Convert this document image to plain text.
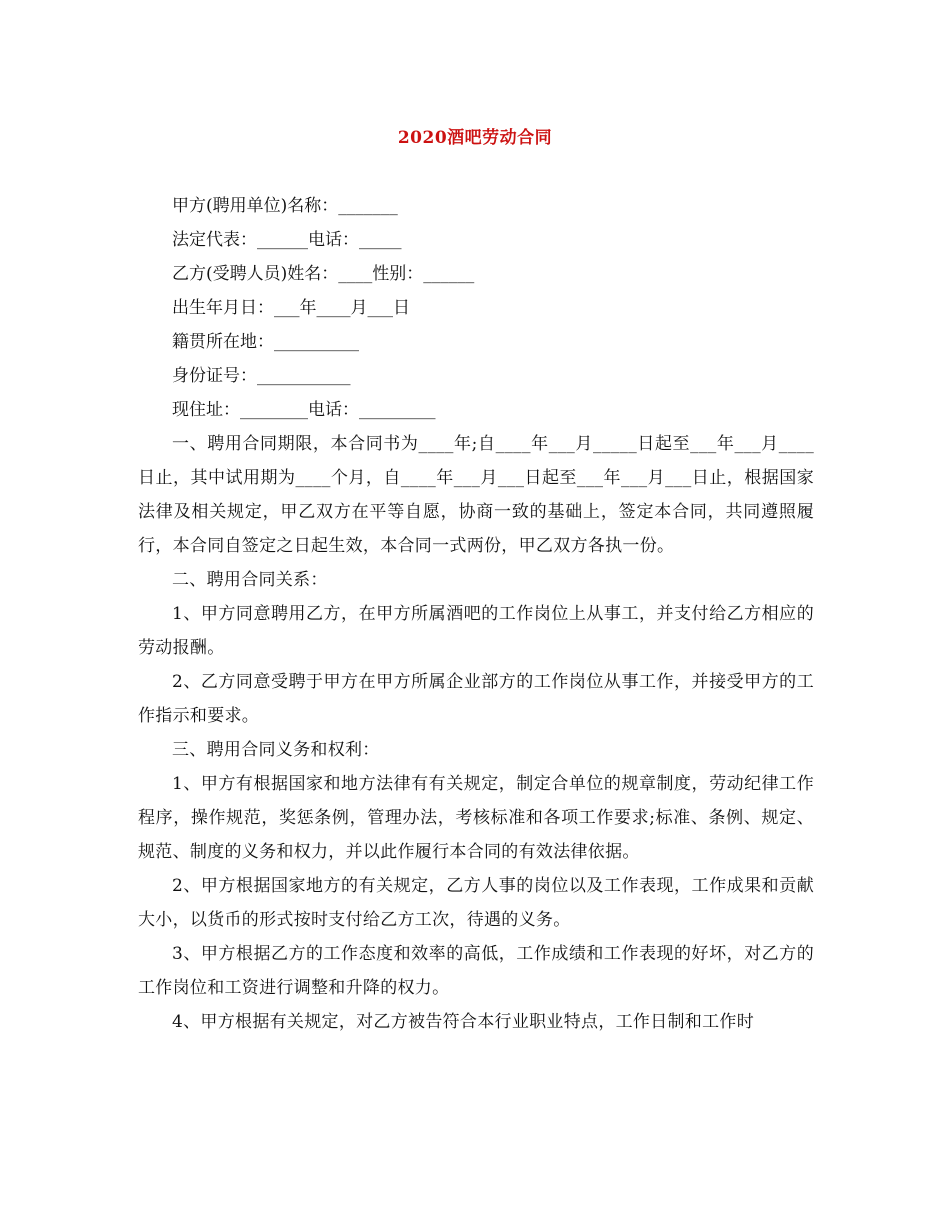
2020酒吧劳动合同

甲方(聘用单位)名称：_______

法定代表：______电话：_____

乙方(受聘人员)姓名：____性别：______

出生年月日：___年____月___日

籍贯所在地：__________

身份证号：___________

现住址：________电话：_________

一、聘用合同期限，本合同书为____年;自____年___月_____日起至___年___月____日止，其中试用期为____个月，自____年___月___日起至___年___月___日止，根据国家法律及相关规定，甲乙双方在平等自愿，协商一致的基础上，签定本合同，共同遵照履行，本合同自签定之日起生效，本合同一式两份，甲乙双方各执一份。

二、聘用合同关系：

1、甲方同意聘用乙方，在甲方所属酒吧的工作岗位上从事工，并支付给乙方相应的劳动报酬。

2、乙方同意受聘于甲方在甲方所属企业部方的工作岗位从事工作，并接受甲方的工作指示和要求。

三、聘用合同义务和权利：

1、甲方有根据国家和地方法律有有关规定，制定合单位的规章制度，劳动纪律工作程序，操作规范，奖惩条例，管理办法，考核标准和各项工作要求;标准、条例、规定、规范、制度的义务和权力，并以此作履行本合同的有效法律依据。

2、甲方根据国家地方的有关规定，乙方人事的岗位以及工作表现，工作成果和贡献大小，以货币的形式按时支付给乙方工次，待遇的义务。

3、甲方根据乙方的工作态度和效率的高低，工作成绩和工作表现的好坏，对乙方的工作岗位和工资进行调整和升降的权力。

4、甲方根据有关规定，对乙方被告符合本行业职业特点，工作日制和工作时
